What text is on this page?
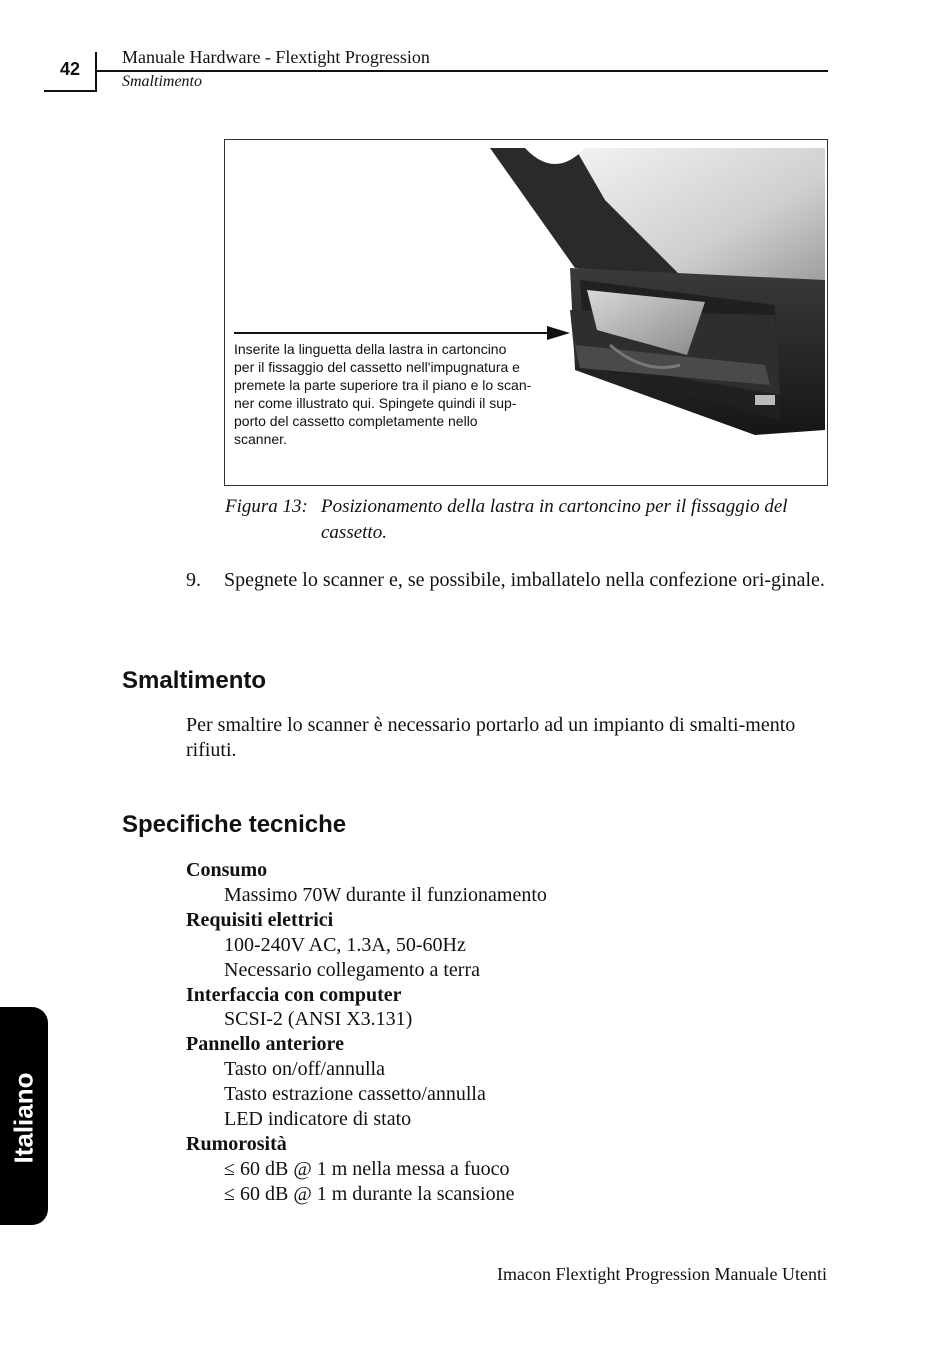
42
Manuale Hardware - Flextight Progression
Smaltimento
Inserite la linguetta della lastra in cartoncino
per il fissaggio del cassetto nell'impugnatura e
premete la parte superiore tra il piano e lo scan-
ner come illustrato qui. Spingete quindi il sup-
porto del cassetto completamente nello
scanner.
Figura 13: Posizionamento della lastra in cartoncino per il fissaggio del cassetto.
9. Spegnete lo scanner e, se possibile, imballatelo nella confezione ori-ginale.
Smaltimento
Per smaltire lo scanner è necessario portarlo ad un impianto di smalti-mento rifiuti.
Specifiche tecniche
Consumo
Massimo 70W durante il funzionamento
Requisiti elettrici
100-240V AC, 1.3A, 50-60Hz
Necessario collegamento a terra
Interfaccia con computer
SCSI-2 (ANSI X3.131)
Pannello anteriore
Tasto on/off/annulla
Tasto estrazione cassetto/annulla
LED indicatore di stato
Rumorosità
≤ 60 dB @ 1 m nella messa a fuoco
≤ 60 dB @ 1 m durante la scansione
Italiano
Imacon Flextight Progression Manuale Utenti
